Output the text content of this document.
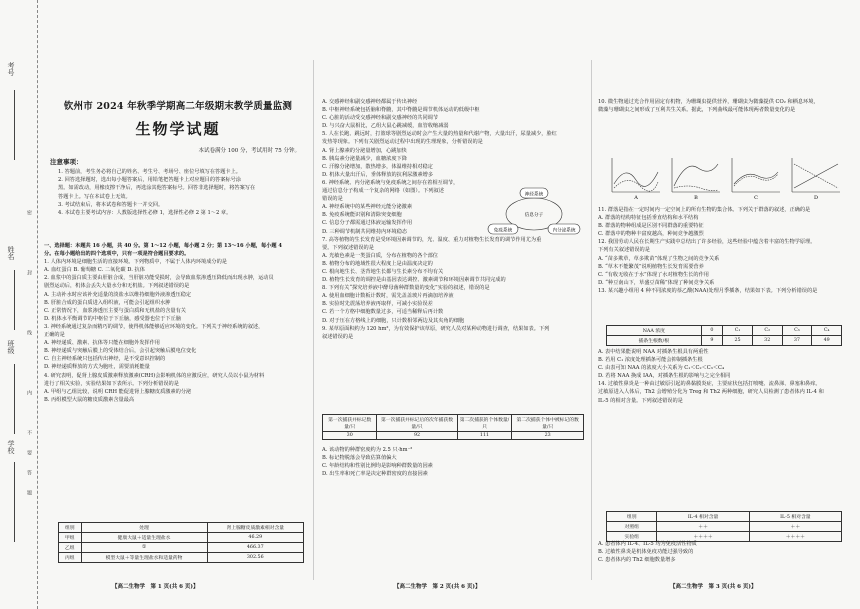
考号
姓名
班级
学校
密
封
线
内
不
要
答
题
钦州市 2024 年秋季学期高二年级期末教学质量监测
生物学试题
本试卷满分 100 分，考试用时 75 分钟。
注意事项：

1. 答题前，考生务必将自己的姓名、考生号、考场号、座位号填写在答题卡上。

2. 回答选择题时，选出每小题答案后，用铅笔把答题卡上对应题目的答案标号涂

黑。如需改动，用橡皮擦干净后，再选涂其他答案标号。回答非选择题时，将答案写在

答题卡上。写在本试卷上无效。

3. 考试结束后，将本试卷和答题卡一并交回。

4. 本试卷主要考试内容：人教版选择性必修 1，选择性必修 2 第 1～2 章。

一、选择题：本题共 16 小题，共 40 分。第 1～12 小题，每小题 2 分；第 13～16 小题，每小题 4

分。在每小题给出的四个选项中，只有一项是符合题目要求的。

1. 人体内环境是细胞生活的直接环境。下列物质中，不属于人体内环境成分的是

A. 血红蛋白 B. 葡萄糖 C. 二氧化碳 D. 抗体

2. 血浆中的蛋白质主要由肝脏合成，当肝脏功能受损时，会导致血浆渗透压降低而出现水肿，运动员

剧烈运动后，机体会丢失大量水分和无机盐。下列叙述错误的是

A. 主动补水时应该补充适量的淡盐水以维持细胞外液渗透压稳定

B. 肝脏合成的蛋白质进入组织液，可能会引起组织水肿

C. 正常情况下，血浆渗透压主要与蛋白质和无机盐的含量有关

D. 机体水平衡调节的中枢位于下丘脑，感受器也位于下丘脑

3. 神经系统通过复杂而精巧的调节，使得机体能够适应环境的变化。下列关于神经系统的叙述，

正确的是

A. 神经递质、激素、抗体等只能在细胞外发挥作用

B. 神经递质与突触后膜上的受体结合后，会引起突触后膜电位变化

C. 自主神经系统只包括传出神经，是不受意识控制的

D. 神经递质释放的方式为胞吐，需要消耗能量

4. 研究表明，促肾上腺皮质激素释放激素(CRH)会影响机体的应激反应，研究人员以小鼠为材料

进行了相关实验，实验结果如下表所示。下列分析错误的是

A. 甲组与乙组比较，说明 CRH 能促进肾上腺糖皮质激素的分泌

B. 丙组模型大鼠的糖皮质激素含量最高

组别	处理	肾上腺糖皮质激素相对含量
甲组	健康大鼠＋适量生理盐水	46.29
乙组	①	466.37
丙组	模型大鼠＋等量生理盐水和适量药物	302.56
【高二生物学　第 1 页(共 6 页)】

A. 交感神经和副交感神经都属于传出神经

B. 中枢神经系统包括脑和脊髓，其中脊髓是调节机体运动的低级中枢

C. 心脏的活动受交感神经和副交感神经的共同调节

D. 与兴奋大鼠相比，乙组大鼠心跳减缓，血管收缩减弱

5. 人在长跑、跳远时，打篮球等剧烈运动时会产生大量的热量和代谢产物，大量出汗，尿量减少，脸红

发热等现象。下列有关剧烈运动过程中出现的生理现象，分析错误的是

A. 肾上腺素的分泌量增加，心跳加快

B. 胰岛素分泌量减少，血糖浓度下降

C. 汗腺分泌增加，散热增多，体温维持相对稳定

D. 机体大量出汗后，垂体释放的抗利尿激素增多

6. 神经系统、内分泌系统与免疫系统之间存在着相互调节，

通过信息分子构成一个复杂的网络（如图）。下列叙述

错误的是

A. 神经系统中的某些神经元能分泌激素

B. 免疫系统能识别和清除突变细胞

C. 信息分子都需通过体液运输发挥作用

D. 三种调节机制共同维持内环境稳态

7. 高等植物的生长发育是受环境因素调节的，光、温度、重力对植物生长发育的调节作用尤为重

要。下列叙述错误的是

A. 光敏色素是一类蛋白质，分布在植物的各个部位

B. 植物分布的地域性很大程度上是由温度决定的

C. 根向地生长、茎背地生长都与生长素分布不均有关

D. 植物生长发育的调控是由基因表达调控、激素调节和环境因素调节共同完成的

8. 下列有关“探究培养液中酵母菌种群数量的变化”实验的叙述，错误的是

A. 使用血细胞计数板计数时，需先盖盖玻片再滴加培养液

B. 实验时先震荡培养液再取样，可减小实验误差

C. 若一个方格中细胞数量过多，可适当稀释后再计数

D. 对于压在方格线上的细胞，只计数相邻两边及其夹角的细胞

9. 某草原面积约为 120 hm²，为有效保护该草原，研究人员对某种动物进行调查，结果如表。下列

叙述错误的是

神经系统
免疫系统	内分泌系统
信息分子
第一次捕获并标记数量/只	第一次捕获并标记后的次年捕获数量/只	第二次捕获的个体数量/只	第二次捕获个体中被标记的数量/只
30	92	111	23

A. 该动物的种群密度约为 2.5 只·hm⁻²

B. 标记物脱落会导致估算值偏大

C. 年龄结构和性别比例均是影响种群数量的因素

D. 出生率和死亡率是决定种群密度的直接因素

【高二生物学　第 2 页(共 6 页)】

10. 微生物通过光合作用固定有机物，为珊瑚虫提供营养，珊瑚虫为微藻提供 CO₂ 和栖息环境，

微藻与珊瑚虫之间形成了互利共生关系。据此，下列曲线最可能体现两者数量变化的是

A	B	C	D

11. 群落是指在一定时间内一定空间上的所有生物的集合体。下列关于群落的叙述，正确的是

A. 群落的结构特征包括垂直结构和水平结构

B. 群落的物种组成是区别不同群落的重要特征

C. 群落中的物种丰富度越高，种间竞争越激烈

12. 我国劳动人民在长期生产实践中总结出了许多经验，这些经验中蕴含着丰富的生物学原理。

下列有关叙述错误的是

A. “苗多欺草，草多欺苗”体现了生物之间的竞争关系

B. “草木不能繁茂”说明植物生长发育需要营养

C. “有收无收在于水”体现了水对植物生长的作用

D. “种豆南山下，草盛豆苗稀”体现了种间竞争关系

13. 某兴趣小组用 4 种不同浓度的萘乙酸(NAA)处理月季插条，结果如下表。下列分析错误的是

NAA 浓度	0	C₁	C₂	C₃	C₄
插条生根数/根	9	25	32	37	49

A. 表中结果能说明 NAA 对插条生根具有两重性

B. 若用 C₁ 浓度处理插条可能会抑制插条生根

C. 由表可知 NAA 的浓度大小关系为 C₁＜C₂＜C₃＜C₄

D. 若将 NAA 换成 IAA，对插条生根的影响与之完全相同

14. 过敏性鼻炎是一种由过敏原引起的鼻黏膜炎症，主要症状包括打喷嚏、流鼻涕、鼻塞和鼻痒。

过敏原进入人体后，Th2 会增殖分化为 Treg 和 Th2 两种细胞，研究人员检测了患者体内 IL-4 和

IL-5 的相对含量。下列叙述错误的是

组别	IL-4 相对含量	IL-5 相对含量
对照组	＋＋	＋＋
实验组	＋＋＋＋	＋＋＋＋

A. 患者体内 IL-4、IL-5 均为免疫活性物质

B. 过敏性鼻炎是机体免疫功能过强导致的

C. 患者体内的 Th2 细胞数量增多

【高二生物学　第 3 页(共 6 页)】
